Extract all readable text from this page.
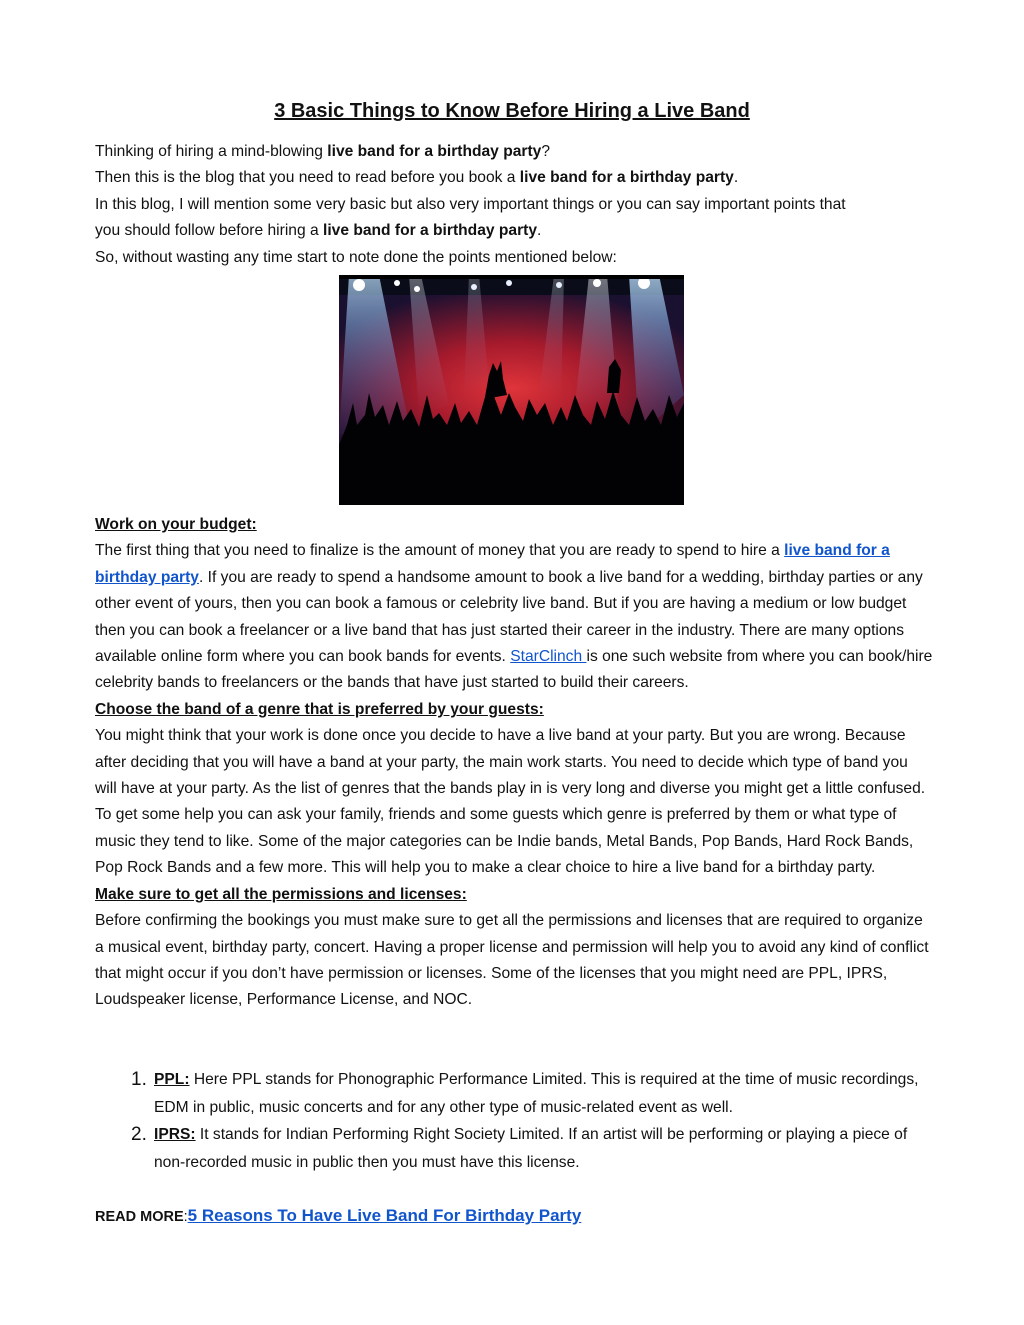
3 Basic Things to Know Before Hiring a Live Band
Thinking of hiring a mind-blowing live band for a birthday party?
Then this is the blog that you need to read before you book a live band for a birthday party.
In this blog, I will mention some very basic but also very important things or you can say important points that
you should follow before hiring a live band for a birthday party.
So, without wasting any time start to note done the points mentioned below:

Work on your budget:
The first thing that you need to finalize is the amount of money that you are ready to spend to hire a live band for a birthday party. If you are ready to spend a handsome amount to book a live band for a wedding, birthday parties or any other event of yours, then you can book a famous or celebrity live band. But if you are having a medium or low budget then you can book a freelancer or a live band that has just started their career in the industry. There are many options available online form where you can book bands for events. StarClinch is one such website from where you can book/hire celebrity bands to freelancers or the bands that have just started to build their careers.

Choose the band of a genre that is preferred by your guests:
You might think that your work is done once you decide to have a live band at your party. But you are wrong. Because after deciding that you will have a band at your party, the main work starts. You need to decide which type of band you will have at your party. As the list of genres that the bands play in is very long and diverse you might get a little confused. To get some help you can ask your family, friends and some guests which genre is preferred by them or what type of music they tend to like. Some of the major categories can be Indie bands, Metal Bands, Pop Bands, Hard Rock Bands, Pop Rock Bands and a few more. This will help you to make a clear choice to hire a live band for a birthday party.

Make sure to get all the permissions and licenses:
Before confirming the bookings you must make sure to get all the permissions and licenses that are required to organize a musical event, birthday party, concert. Having a proper license and permission will help you to avoid any kind of conflict that might occur if you don’t have permission or licenses. Some of the licenses that you might need are PPL, IPRS, Loudspeaker license, Performance License, and NOC.

1. PPL: Here PPL stands for Phonographic Performance Limited. This is required at the time of music recordings, EDM in public, music concerts and for any other type of music-related event as well.
2. IPRS: It stands for Indian Performing Right Society Limited. If an artist will be performing or playing a piece of non-recorded music in public then you must have this license.
READ MORE:5 Reasons To Have Live Band For Birthday Party
